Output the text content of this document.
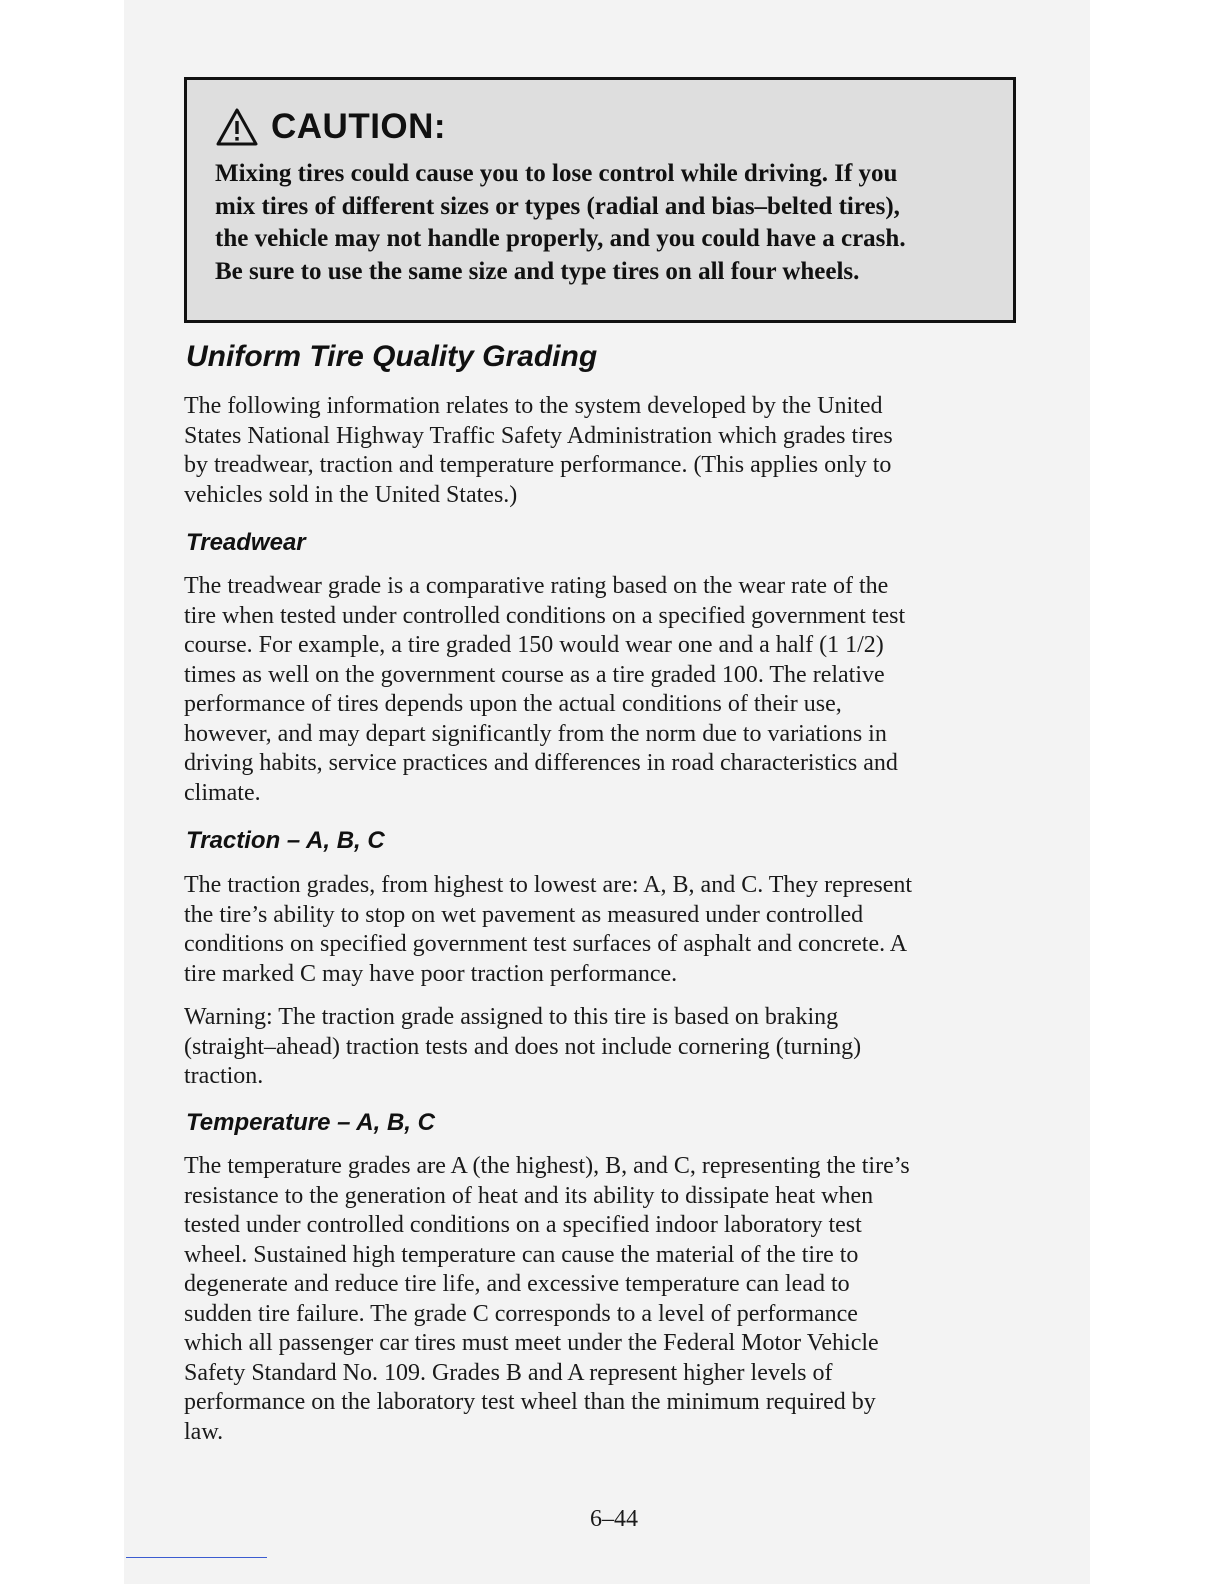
CAUTION:
Mixing tires could cause you to lose control while driving. If you
mix tires of different sizes or types (radial and bias–belted tires),
the vehicle may not handle properly, and you could have a crash.
Be sure to use the same size and type tires on all four wheels.
Uniform Tire Quality Grading
The following information relates to the system developed by the United
States National Highway Traffic Safety Administration which grades tires
by treadwear, traction and temperature performance. (This applies only to
vehicles sold in the United States.)
Treadwear
The treadwear grade is a comparative rating based on the wear rate of the
tire when tested under controlled conditions on a specified government test
course. For example, a tire graded 150 would wear one and a half (1 1/2)
times as well on the government course as a tire graded 100. The relative
performance of tires depends upon the actual conditions of their use,
however, and may depart significantly from the norm due to variations in
driving habits, service practices and differences in road characteristics and
climate.
Traction – A, B, C
The traction grades, from highest to lowest are: A, B, and C. They represent
the tire’s ability to stop on wet pavement as measured under controlled
conditions on specified government test surfaces of asphalt and concrete. A
tire marked C may have poor traction performance.
Warning: The traction grade assigned to this tire is based on braking
(straight–ahead) traction tests and does not include cornering (turning)
traction.
Temperature – A, B, C
The temperature grades are A (the highest), B, and C, representing the tire’s
resistance to the generation of heat and its ability to dissipate heat when
tested under controlled conditions on a specified indoor laboratory test
wheel. Sustained high temperature can cause the material of the tire to
degenerate and reduce tire life, and excessive temperature can lead to
sudden tire failure. The grade C corresponds to a level of performance
which all passenger car tires must meet under the Federal Motor Vehicle
Safety Standard No. 109. Grades B and A represent higher levels of
performance on the laboratory test wheel than the minimum required by
law.
6–44
